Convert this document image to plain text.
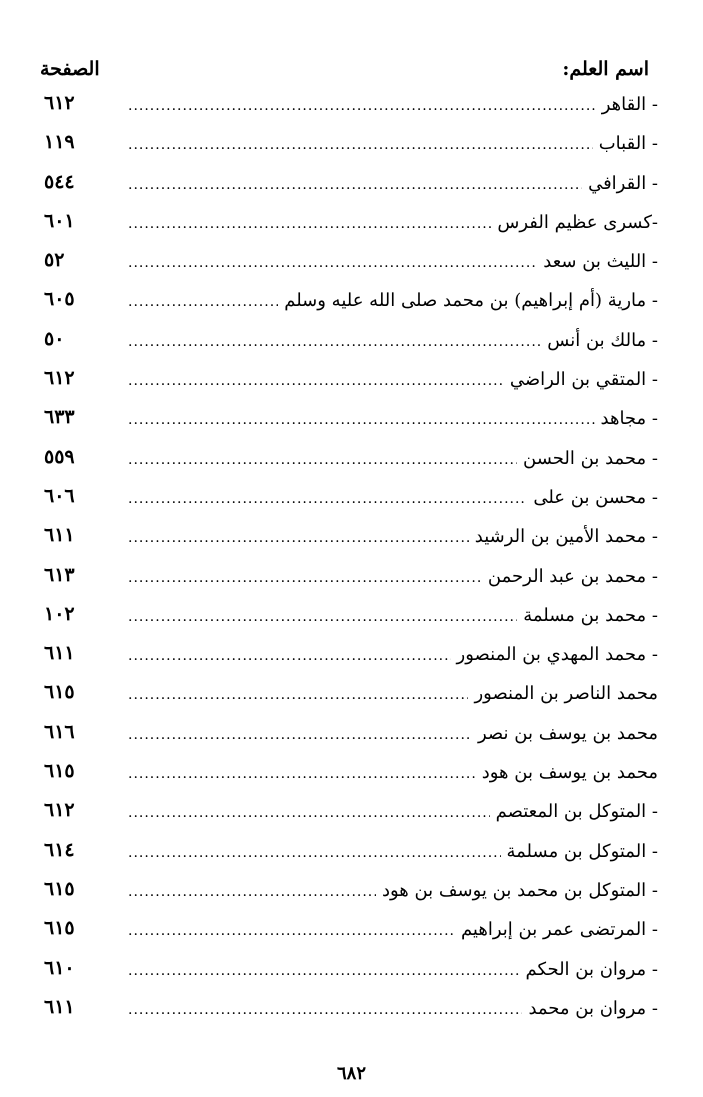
اسم العلم:
الصفحة
- القاهر
.....
٦١٢
- القباب
.....
١١٩
- القرافي
.....
٥٤٤
-كسرى عظيم الفرس
.....
٦٠١
- الليث بن سعد
.....
٥٢
- مارية (أم إبراهيم) بن محمد صلى الله عليه وسلم
.....
٦٠٥
- مالك بن أنس
.....
٥٠
- المتقي بن الراضي
.....
٦١٢
- مجاهد
.....
٦٣٣
- محمد بن الحسن
.....
٥٥٩
- محسن بن على
.....
٦٠٦
- محمد الأمين بن الرشيد
.....
٦١١
- محمد بن عبد الرحمن
.....
٦١٣
- محمد بن مسلمة
.....
١٠٢
- محمد المهدي بن المنصور
.....
٦١١
محمد الناصر بن المنصور
.....
٦١٥
محمد بن يوسف بن نصر
.....
٦١٦
محمد بن يوسف بن هود
.....
٦١٥
- المتوكل بن المعتصم
.....
٦١٢
- المتوكل بن مسلمة
.....
٦١٤
- المتوكل بن محمد بن يوسف بن هود
.....
٦١٥
- المرتضى عمر بن إبراهيم
.....
٦١٥
- مروان بن الحكم
.....
٦١٠
- مروان بن محمد
.....
٦١١
٦٨٢
